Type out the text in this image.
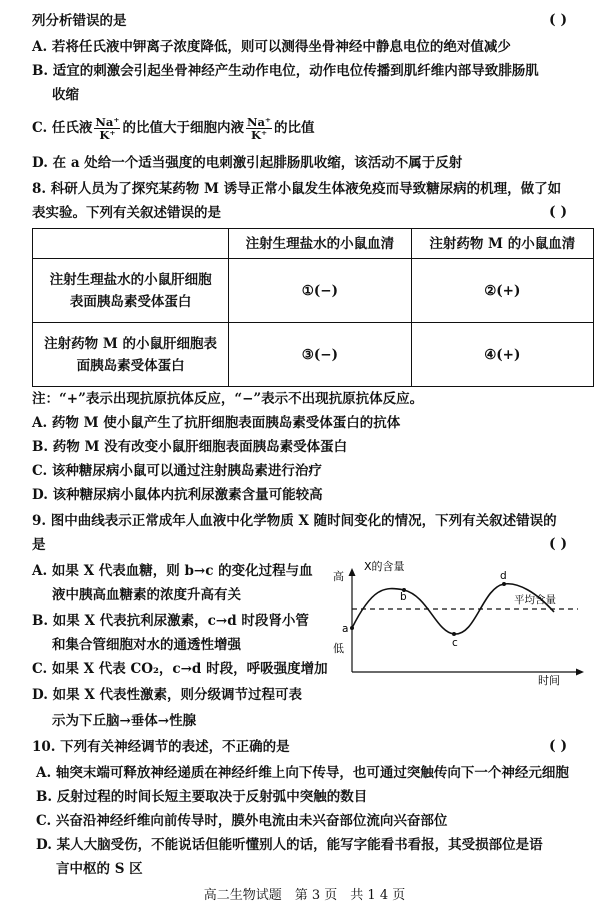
列分析错误的是	( )
A. 若将任氏液中钾离子浓度降低，则可以测得坐骨神经中静息电位的绝对值减少
B. 适宜的刺激会引起坐骨神经产生动作电位，动作电位传播到肌纤维内部导致腓肠肌
收缩
C. 任氏液 $\frac{Na^+}{K^+}$ 的比值大于细胞内液 $\frac{Na^+}{K^+}$ 的比值
D. 在 a 处给一个适当强度的电刺激引起腓肠肌收缩，该活动不属于反射
8. 科研人员为了探究某药物 M 诱导正常小鼠发生体液免疫而导致糖尿病的机理，做了如
表实验。下列有关叙述错误的是	( )
	注射生理盐水的小鼠血清	注射药物 M 的小鼠血清
注射生理盐水的小鼠肝细胞
表面胰岛素受体蛋白	①(−)	②(+)
注射药物 M 的小鼠肝细胞表
面胰岛素受体蛋白	③(−)	④(+)
注：“+”表示出现抗原抗体反应，“−”表示不出现抗原抗体反应。
A. 药物 M 使小鼠产生了抗肝细胞表面胰岛素受体蛋白的抗体
B. 药物 M 没有改变小鼠肝细胞表面胰岛素受体蛋白
C. 该种糖尿病小鼠可以通过注射胰岛素进行治疗
D. 该种糖尿病小鼠体内抗利尿激素含量可能较高
9. 图中曲线表示正常成年人血液中化学物质 X 随时间变化的情况，下列有关叙述错误的
是	( )
A. 如果 X 代表血糖，则 b→c 的变化过程与血
液中胰高血糖素的浓度升高有关
B. 如果 X 代表抗利尿激素，c→d 时段肾小管
和集合管细胞对水的通透性增强
C. 如果 X 代表 CO₂，c→d 时段，呼吸强度增加
D. 如果 X 代表性激素，则分级调节过程可表
示为下丘脑→垂体→性腺
X的含量
高
低
时间
平均含量
a
b
c
d
10. 下列有关神经调节的表述，不正确的是	( )
A. 轴突末端可释放神经递质在神经纤维上向下传导，也可通过突触传向下一个神经元细胞
B. 反射过程的时间长短主要取决于反射弧中突触的数目
C. 兴奋沿神经纤维向前传导时，膜外电流由未兴奋部位流向兴奋部位
D. 某人大脑受伤，不能说话但能听懂别人的话，能写字能看书看报，其受损部位是语
言中枢的 S 区
高二生物试题　第 3 页　共 1 4 页
